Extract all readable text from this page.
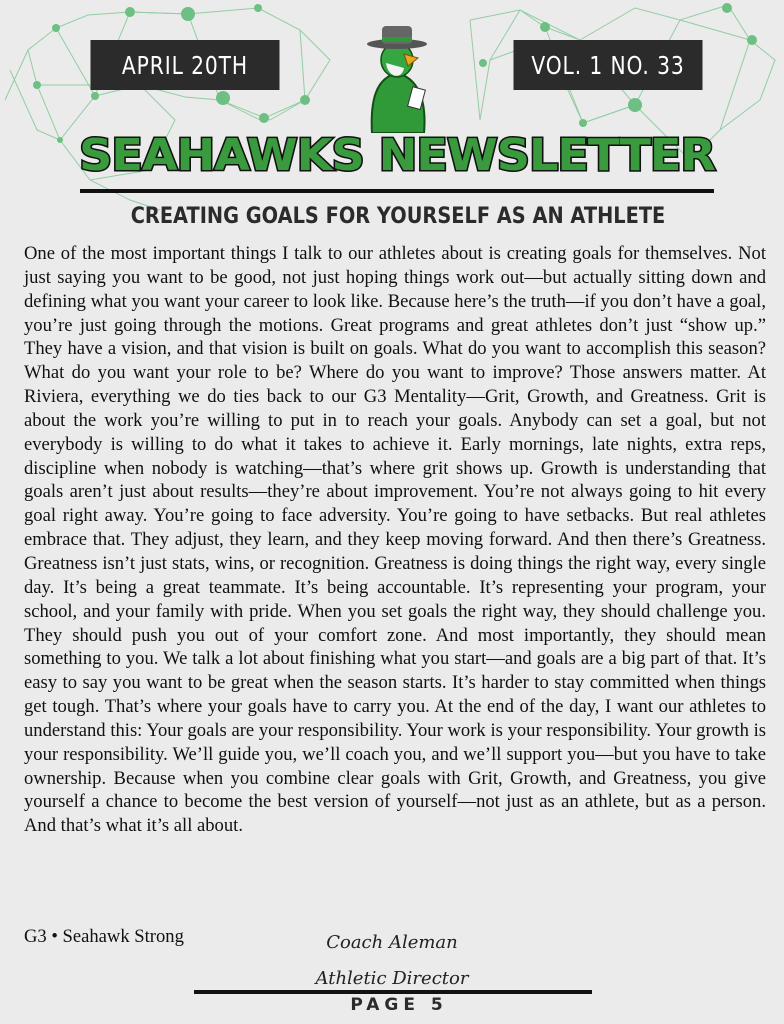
APRIL 20TH	VOL. 1 NO. 33
SEAHAWKS NEWSLETTER
CREATING GOALS FOR YOURSELF AS AN ATHLETE

One of the most important things I talk to our athletes about is creating goals for themselves. Not just saying you want to be good, not just hoping things work out—but actually sitting down and defining what you want your career to look like. Because here’s the truth—if you don’t have a goal, you’re just going through the motions. Great programs and great athletes don’t just “show up.” They have a vision, and that vision is built on goals. What do you want to accomplish this season? What do you want your role to be? Where do you want to improve? Those answers matter. At Riviera, everything we do ties back to our G3 Mentality—Grit, Growth, and Greatness. Grit is about the work you’re willing to put in to reach your goals. Anybody can set a goal, but not everybody is willing to do what it takes to achieve it. Early mornings, late nights, extra reps, discipline when nobody is watching—that’s where grit shows up. Growth is understanding that goals aren’t just about results—they’re about improvement. You’re not always going to hit every goal right away. You’re going to face adversity. You’re going to have setbacks. But real athletes embrace that. They adjust, they learn, and they keep moving forward. And then there’s Greatness. Greatness isn’t just stats, wins, or recognition. Greatness is doing things the right way, every single day. It’s being a great teammate. It’s being accountable. It’s representing your program, your school, and your family with pride. When you set goals the right way, they should challenge you. They should push you out of your comfort zone. And most importantly, they should mean something to you. We talk a lot about finishing what you start—and goals are a big part of that. It’s easy to say you want to be great when the season starts. It’s harder to stay committed when things get tough. That’s where your goals have to carry you. At the end of the day, I want our athletes to understand this: Your goals are your responsibility. Your work is your responsibility. Your growth is your responsibility. We’ll guide you, we’ll coach you, and we’ll support you—but you have to take ownership. Because when you combine clear goals with Grit, Growth, and Greatness, you give yourself a chance to become the best version of yourself—not just as an athlete, but as a person. And that’s what it’s all about.

G3 • Seahawk Strong	Coach Aleman
Athletic Director
PAGE 5
